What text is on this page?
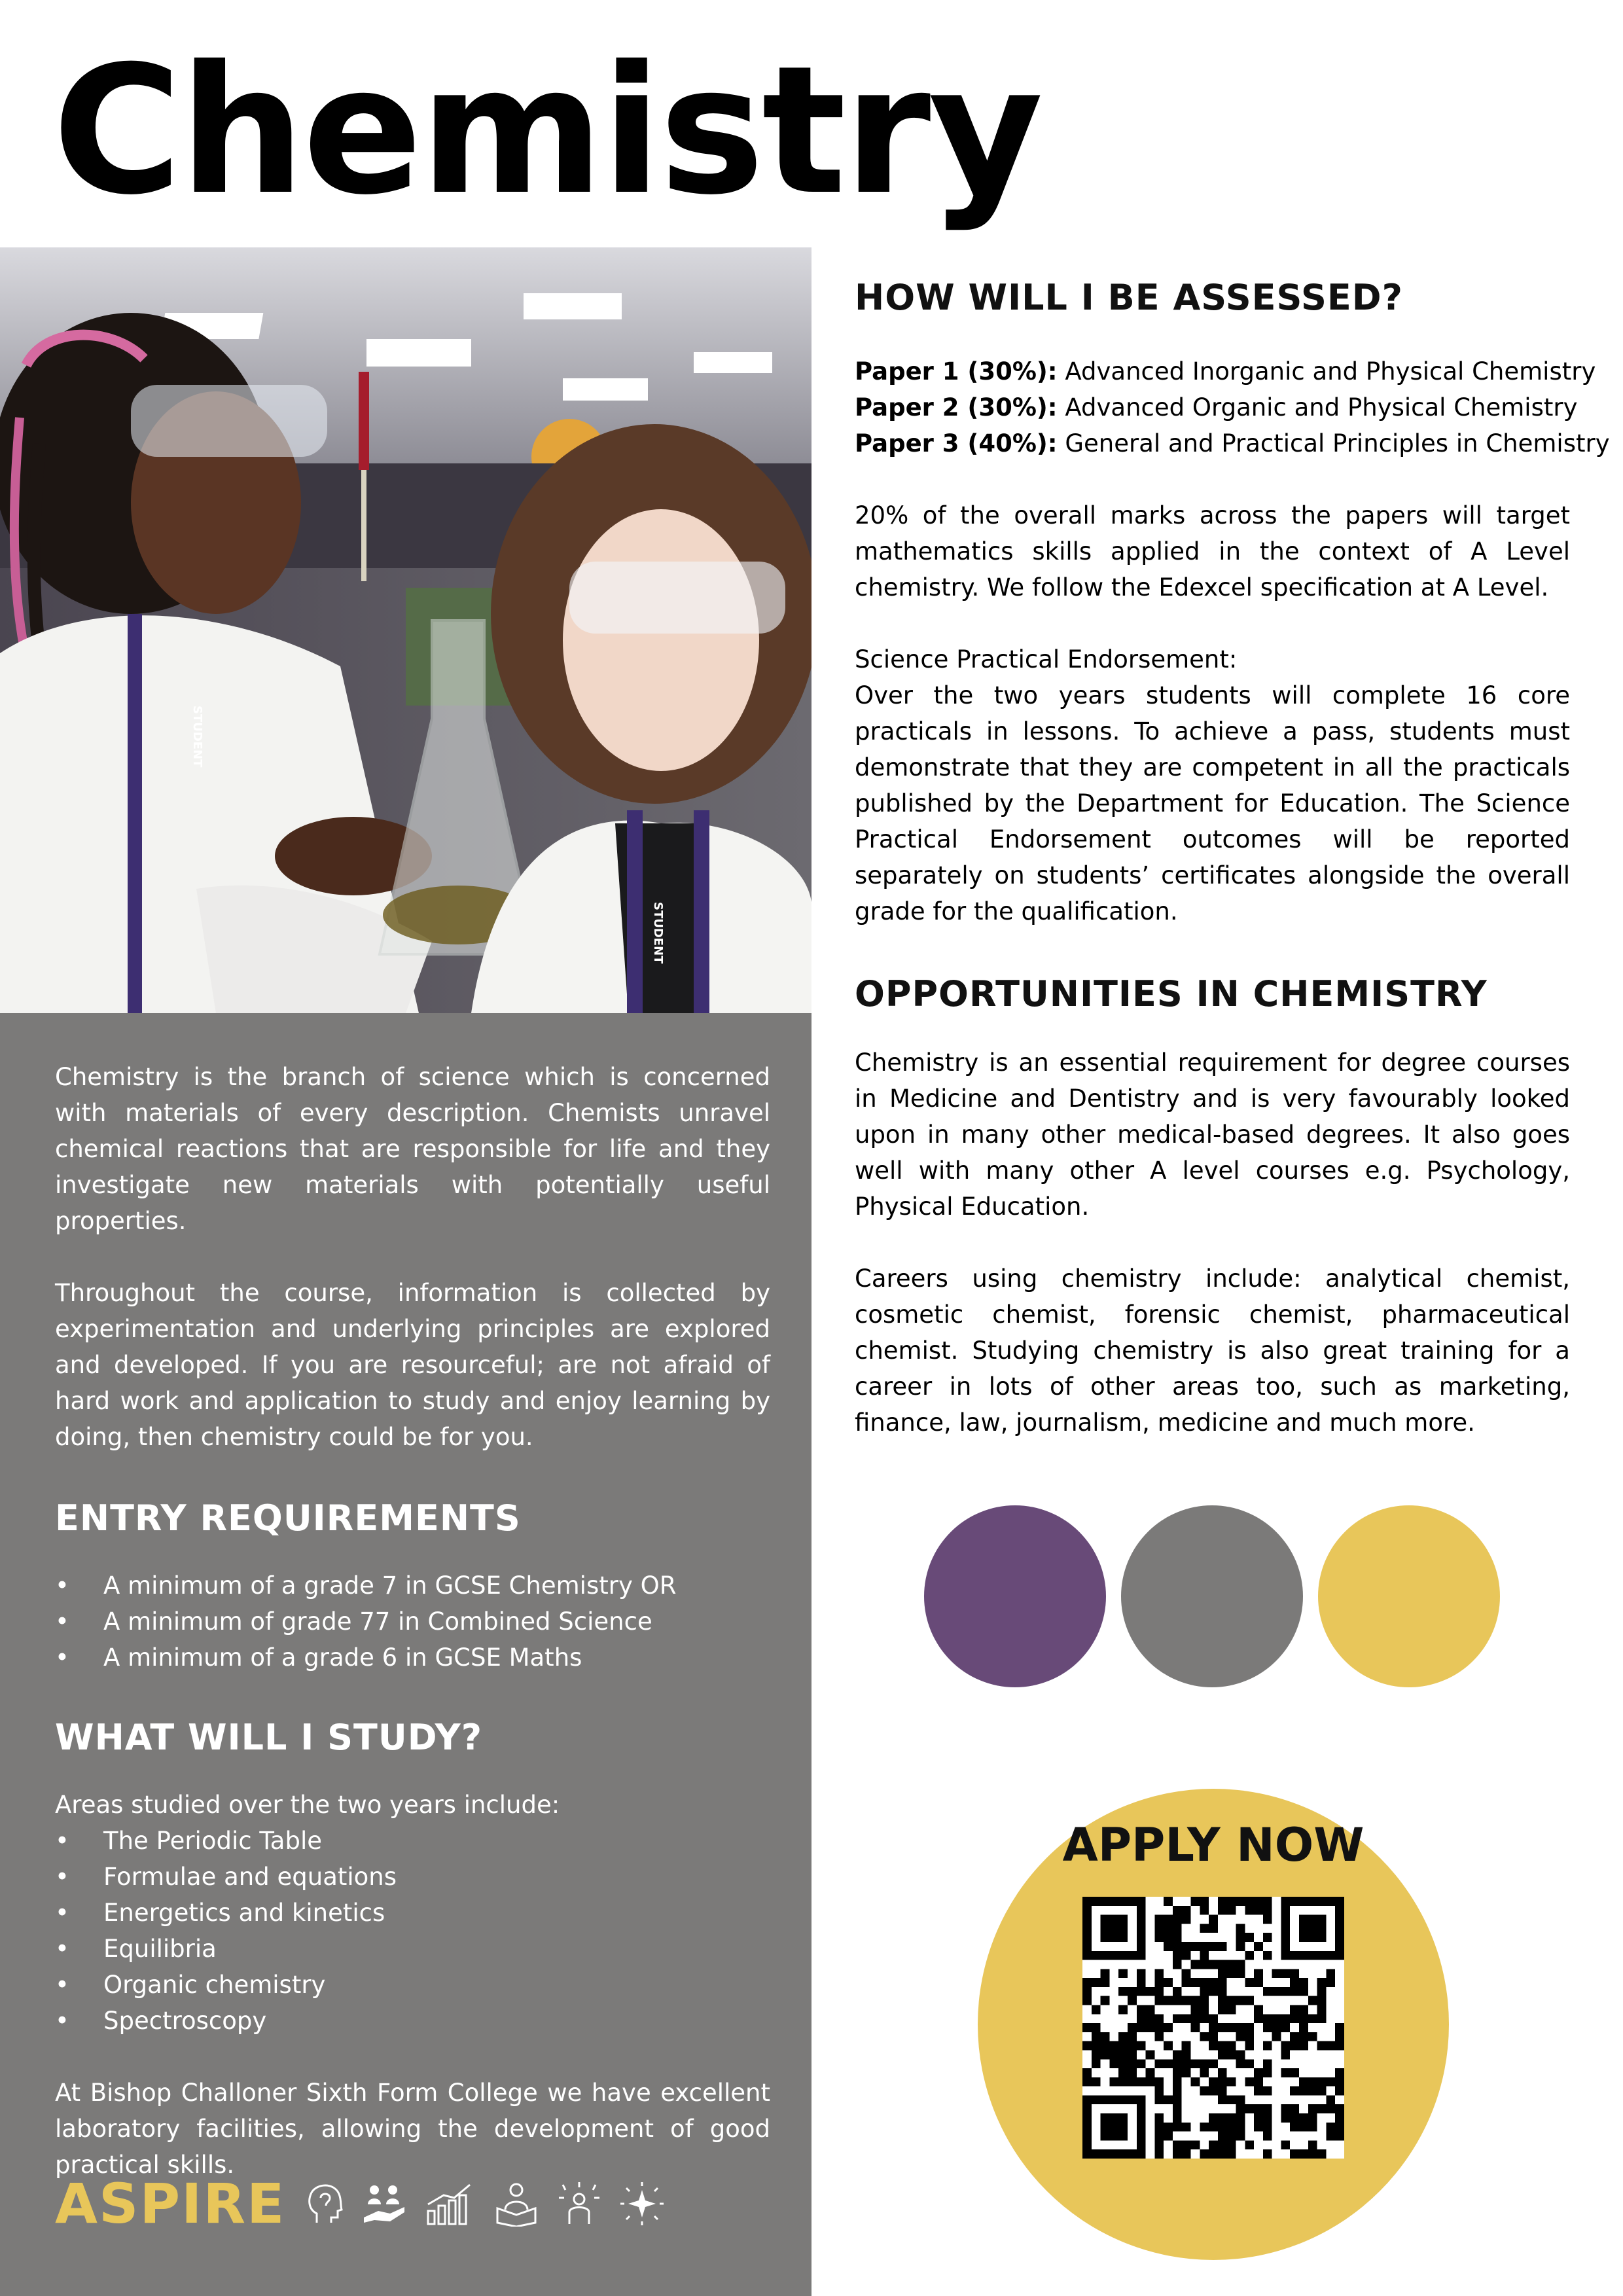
Chemistry
STUDENT
STUDENT

Chemistry is the branch of science which is concerned with materials of every description. Chemists unravel chemical reactions that are responsible for life and they investigate new materials with potentially useful properties.

Throughout the course, information is collected by experimentation and underlying principles are explored and developed. If you are resourceful; are not afraid of hard work and application to study and enjoy learning by doing, then chemistry could be for you.

ENTRY REQUIREMENTS
• A minimum of a grade 7 in GCSE Chemistry OR
• A minimum of grade 77 in Combined Science
• A minimum of a grade 6 in GCSE Maths
WHAT WILL I STUDY?

Areas studied over the two years include:

• The Periodic Table
• Formulae and equations
• Energetics and kinetics
• Equilibria
• Organic chemistry
• Spectroscopy

At Bishop Challoner Sixth Form College we have excellent laboratory facilities, allowing the development of good practical skills.

ASPIRE
HOW WILL I BE ASSESSED?
Paper 1 (30%): Advanced Inorganic and Physical Chemistry
Paper 2 (30%): Advanced Organic and Physical Chemistry
Paper 3 (40%): General and Practical Principles in Chemistry

20% of the overall marks across the papers will target mathematics skills applied in the context of A Level chemistry. We follow the Edexcel specification at A Level.

Science Practical Endorsement:

Over the two years students will complete 16 core practicals in lessons. To achieve a pass, students must demonstrate that they are competent in all the practicals published by the Department for Education. The Science Practical Endorsement outcomes will be reported separately on students’ certificates alongside the overall grade for the qualification.

OPPORTUNITIES IN CHEMISTRY

Chemistry is an essential requirement for degree courses in Medicine and Dentistry and is very favourably looked upon in many other medical-based degrees. It also goes well with many other A level courses e.g. Psychology, Physical Education.

Careers using chemistry include: analytical chemist, cosmetic chemist, forensic chemist, pharmaceutical chemist. Studying chemistry is also great training for a career in lots of other areas too, such as marketing, finance, law, journalism, medicine and much more.

APPLY NOW
